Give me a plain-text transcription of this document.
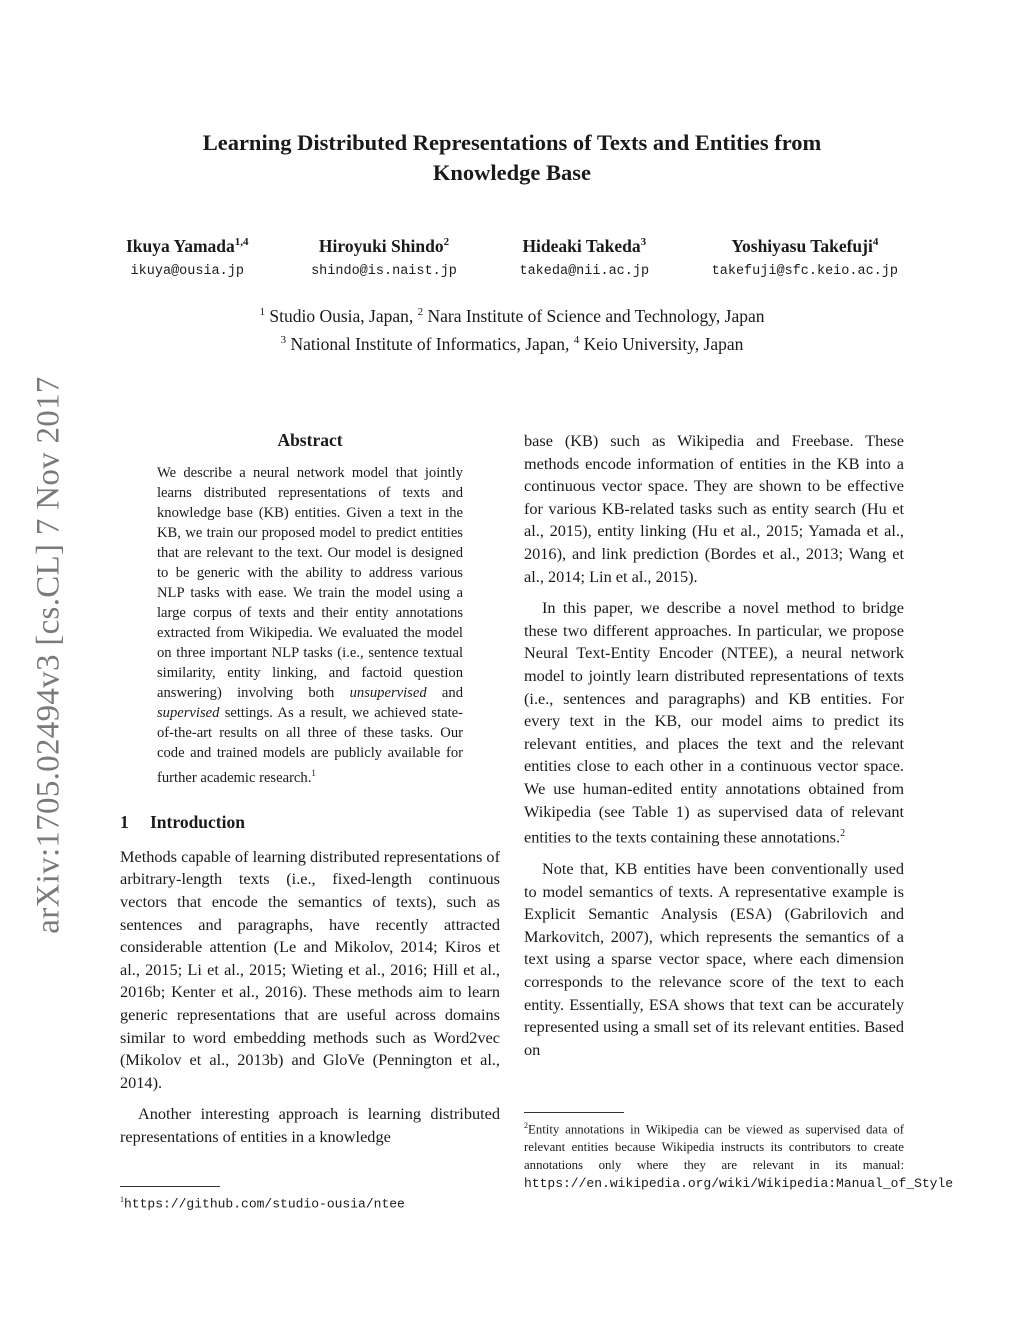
arXiv:1705.02494v3 [cs.CL] 7 Nov 2017
Learning Distributed Representations of Texts and Entities from Knowledge Base
Ikuya Yamada$^{1,4}$
ikuya@ousia.jp
Hiroyuki Shindo$^2$
shindo@is.naist.jp
Hideaki Takeda$^3$
takeda@nii.ac.jp
Yoshiyasu Takefuji$^4$
takefuji@sfc.keio.ac.jp
$^1$ Studio Ousia, Japan, $^2$ Nara Institute of Science and Technology, Japan
$^3$ National Institute of Informatics, Japan, $^4$ Keio University, Japan
Abstract
We describe a neural network model that jointly learns distributed representations of texts and knowledge base (KB) entities. Given a text in the KB, we train our proposed model to predict entities that are relevant to the text. Our model is designed to be generic with the ability to address various NLP tasks with ease. We train the model using a large corpus of texts and their entity annotations extracted from Wikipedia. We evaluated the model on three important NLP tasks (i.e., sentence textual similarity, entity linking, and factoid question answering) involving both unsupervised and supervised settings. As a result, we achieved state-of-the-art results on all three of these tasks. Our code and trained models are publicly available for further academic research.$^1$
1 Introduction

Methods capable of learning distributed representations of arbitrary-length texts (i.e., fixed-length continuous vectors that encode the semantics of texts), such as sentences and paragraphs, have recently attracted considerable attention (Le and Mikolov, 2014; Kiros et al., 2015; Li et al., 2015; Wieting et al., 2016; Hill et al., 2016b; Kenter et al., 2016). These methods aim to learn generic representations that are useful across domains similar to word embedding methods such as Word2vec (Mikolov et al., 2013b) and GloVe (Pennington et al., 2014).

Another interesting approach is learning distributed representations of entities in a knowledge

base (KB) such as Wikipedia and Freebase. These methods encode information of entities in the KB into a continuous vector space. They are shown to be effective for various KB-related tasks such as entity search (Hu et al., 2015), entity linking (Hu et al., 2015; Yamada et al., 2016), and link prediction (Bordes et al., 2013; Wang et al., 2014; Lin et al., 2015).

In this paper, we describe a novel method to bridge these two different approaches. In particular, we propose Neural Text-Entity Encoder (NTEE), a neural network model to jointly learn distributed representations of texts (i.e., sentences and paragraphs) and KB entities. For every text in the KB, our model aims to predict its relevant entities, and places the text and the relevant entities close to each other in a continuous vector space. We use human-edited entity annotations obtained from Wikipedia (see Table 1) as supervised data of relevant entities to the texts containing these annotations.$^2$

Note that, KB entities have been conventionally used to model semantics of texts. A representative example is Explicit Semantic Analysis (ESA) (Gabrilovich and Markovitch, 2007), which represents the semantics of a text using a sparse vector space, where each dimension corresponds to the relevance score of the text to each entity. Essentially, ESA shows that text can be accurately represented using a small set of its relevant entities. Based on

$^1$https://github.com/studio-ousia/ntee
$^2$Entity annotations in Wikipedia can be viewed as supervised data of relevant entities because Wikipedia instructs its contributors to create annotations only where they are relevant in its manual: https://en.wikipedia.org/wiki/Wikipedia:Manual_of_Style
